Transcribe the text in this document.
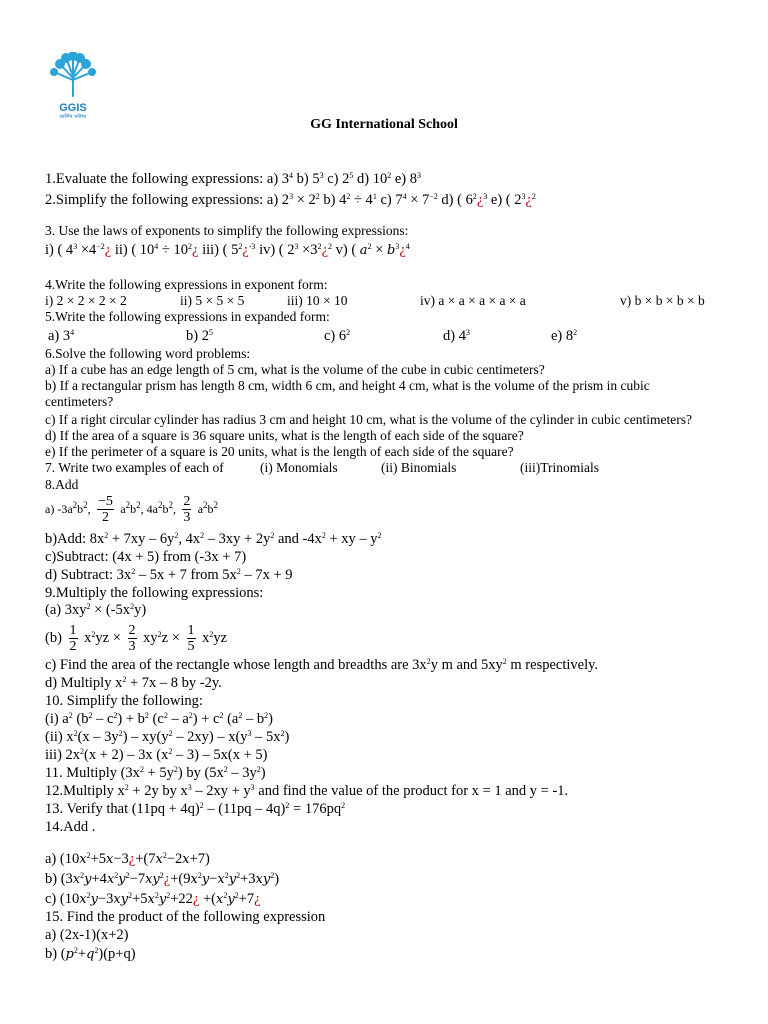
GGIS
स्वर्णिम भविष्य	GG International School
1.Evaluate the following expressions: a) $3^4$ b) $5^3$ c) $2^5$ d) $10^2$ e) $8^3$
2.Simplify the following expressions: a) $2^3 \times 2^2$ b) $4^2 \div 4^1$ c) $7^4 \times 7^{-2}$ d) ( $6^2¿^3$ e) ( $2^3¿^2$
3. Use the laws of exponents to simplify the following expressions:
i) ( $4^3$ $\times 4^{-2}¿$ ii) ( $10^4$ ÷ $10^2¿$ iii) ( $5^2¿^{-3}$ iv) ( $2^3$ $\times 3^2¿^2$ v) ( $a^2$ × $b^3¿^4$
4.Write the following expressions in exponent form:
i) 2 × 2 × 2 × 2	ii) 5 × 5 × 5	iii) 10 × 10	iv) a × a × a × a × a	v) b × b × b × b
5.Write the following expressions in expanded form:
a) $3^4$	b) $2^5$	c) $6^2$	d) $4^3$	e) $8^2$
6.Solve the following word problems:
a) If a cube has an edge length of 5 cm, what is the volume of the cube in cubic centimeters?
b) If a rectangular prism has length 8 cm, width 6 cm, and height 4 cm, what is the volume of the prism in cubic
centimeters?
c) If a right circular cylinder has radius 3 cm and height 10 cm, what is the volume of the cylinder in cubic centimeters?
d) If the area of a square is 36 square units, what is the length of each side of the square?
e) If the perimeter of a square is 20 units, what is the length of each side of the square?
7. Write two examples of each of	(i) Monomials	(ii) Binomials	(iii)Trinomials
8.Add
a) $-3a^2b^2$, $\frac{-5}{2} a^2b^2$, $4a^2b^2$, $\frac{2}{3} a^2b^2$
b)Add: $8x^2 + 7xy - 6y^2$, $4x^2 - 3xy + 2y^2$ and $-4x^2$ + xy – $y^2$
c)Subtract: (4x + 5) from (-3x + 7)
d) Subtract: $3x^2 - 5x + 7$ from $5x^2 - 7x + 9$
9.Multiply the following expressions:
(a) $3xy^2 \times (-5x^2y)$
$(b) \frac{1}{2} x^2yz \times \frac{2}{3} xy^2z \times \frac{1}{5} x^2yz$
c) Find the area of the rectangle whose length and breadths are $3x^2y$ m and $5xy^2$ m respectively.
d) Multiply $x^2 + 7x - 8$ by -2y.
10. Simplify the following:
(i) $a^2$ $(b^2 - c^2) + b^2$ $(c^2 - a^2) + c^2$ $(a^2 - b^2)$
(ii) $x^2(x - 3y^2) - xy(y^2 - 2xy) - x(y^3 - 5x^2)$
iii) $2x^2(x + 2) - 3x$ $(x^2 - 3) - 5x(x + 5)$
11. Multiply $(3x^2 + 5y^2)$ by $(5x^2 - 3y^2)$
12.Multiply $x^2 + 2y$ by $x^3 - 2xy + y^3$ and find the value of the product for x = 1 and y = -1.
13. Verify that $(11pq + 4q)^2 - (11pq - 4q)^2 = 176pq^2$
14.Add .
a) ($10x^2+5x-3¿+(7x^2-2x+7)$
b) ($3x^2y+4x^2y^2-7xy^2¿+(9x^2y-x^2y^2+3xy^2)$
c) ($10x^2y-3xy^2+5x^2y^2+22¿$ $+(x^2y^2+7¿$
15. Find the product of the following expression
a) (2x-1)(x+2)
b) $(p^2+q^2)(p+q)$
